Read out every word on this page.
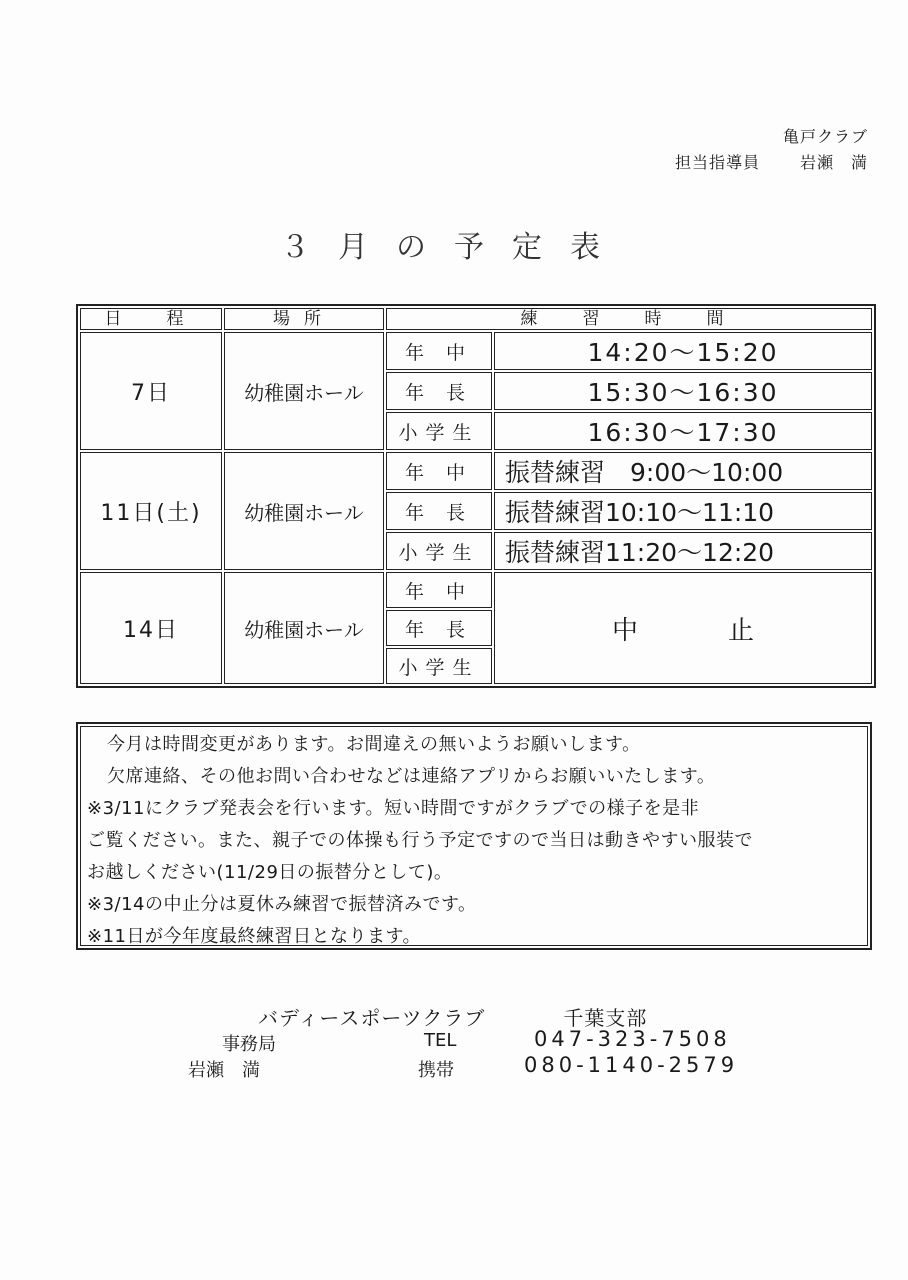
亀戸クラブ
担当指導員	岩瀬　満
３月の予定表
日　程	場所	練　習　時　間	
7日	幼稚園ホール	年 中	14:20～15:20
		年 長	15:30～16:30
		小学生	16:30～17:30
11日(土)	幼稚園ホール	年 中	振替練習　9:00～10:00
		年 長	振替練習10:10～11:10
		小学生	振替練習11:20～12:20
14日	幼稚園ホール	年 中	中止
		年 長	
		小学生	

今月は時間変更があります。お間違えの無いようお願いします。

欠席連絡、その他お問い合わせなどは連絡アプリからお願いいたします。

※3/11にクラブ発表会を行います。短い時間ですがクラブでの様子を是非

ご覧ください。また、親子での体操も行う予定ですので当日は動きやすい服装で

お越しください(11/29日の振替分として)。

※3/14の中止分は夏休み練習で振替済みです。

※11日が今年度最終練習日となります。

バディースポーツクラブ	千葉支部
事務局	TEL	047-323-7508
岩瀬　満	携帯	080-1140-2579
